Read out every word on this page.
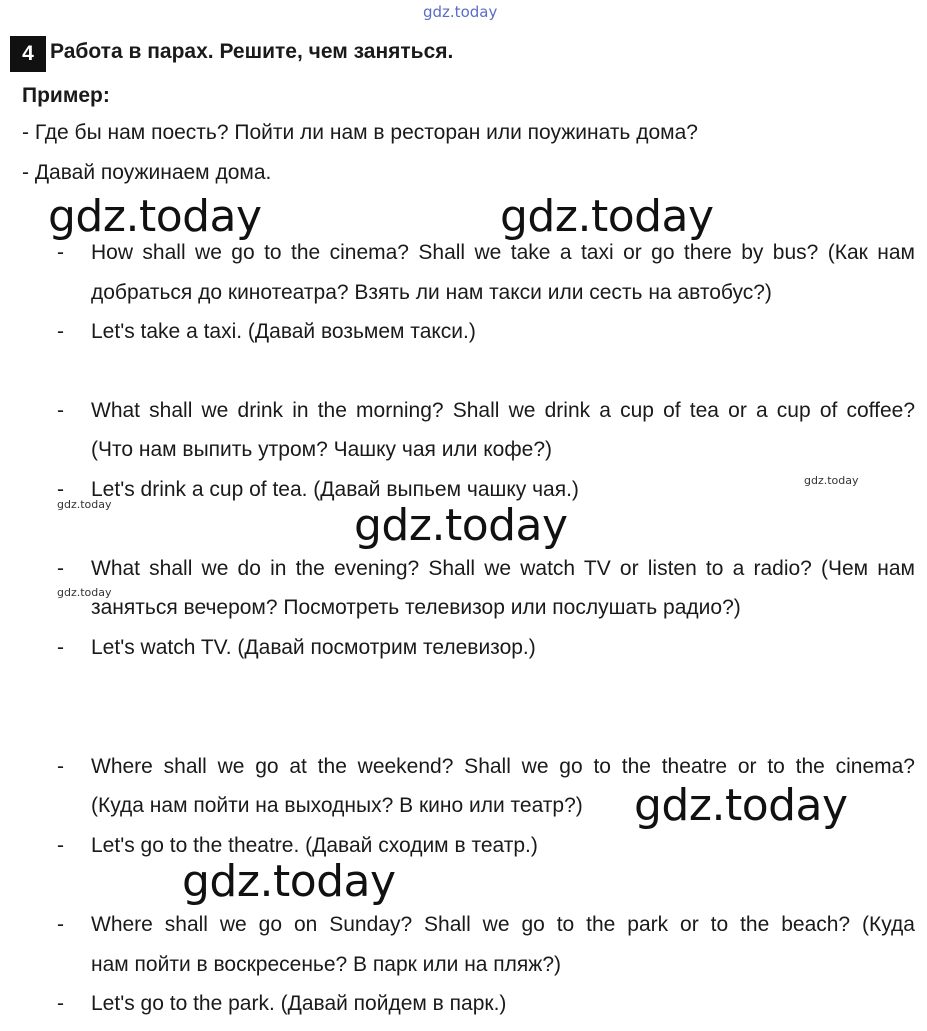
gdz.today
4 Работа в парах. Решите, чем заняться.
Пример:
- Где бы нам поесть? Пойти ли нам в ресторан или поужинать дома?
- Давай поужинаем дома.
gdz.today	gdz.today
- How shall we go to the cinema? Shall we take a taxi or go there by bus? (Как нам
добраться до кинотеатра? Взять ли нам такси или сесть на автобус?)
- Let's take a taxi. (Давай возьмем такси.)
- What shall we drink in the morning? Shall we drink a cup of tea or a cup of coffee?
(Что нам выпить утром? Чашку чая или кофе?)
gdz.today
- Let's drink a cup of tea. (Давай выпьем чашку чая.)
gdz.today	gdz.today
- What shall we do in the evening? Shall we watch TV or listen to a radio? (Чем нам
gdz.today
заняться вечером? Посмотреть телевизор или послушать радио?)
- Let's watch TV. (Давай посмотрим телевизор.)
- Where shall we go at the weekend? Shall we go to the theatre or to the cinema?
(Куда нам пойти на выходных? В кино или театр?) gdz.today
- Let's go to the theatre. (Давай сходим в театр.)
gdz.today
- Where shall we go on Sunday? Shall we go to the park or to the beach? (Куда
нам пойти в воскресенье? В парк или на пляж?)
- Let's go to the park. (Давай пойдем в парк.)
